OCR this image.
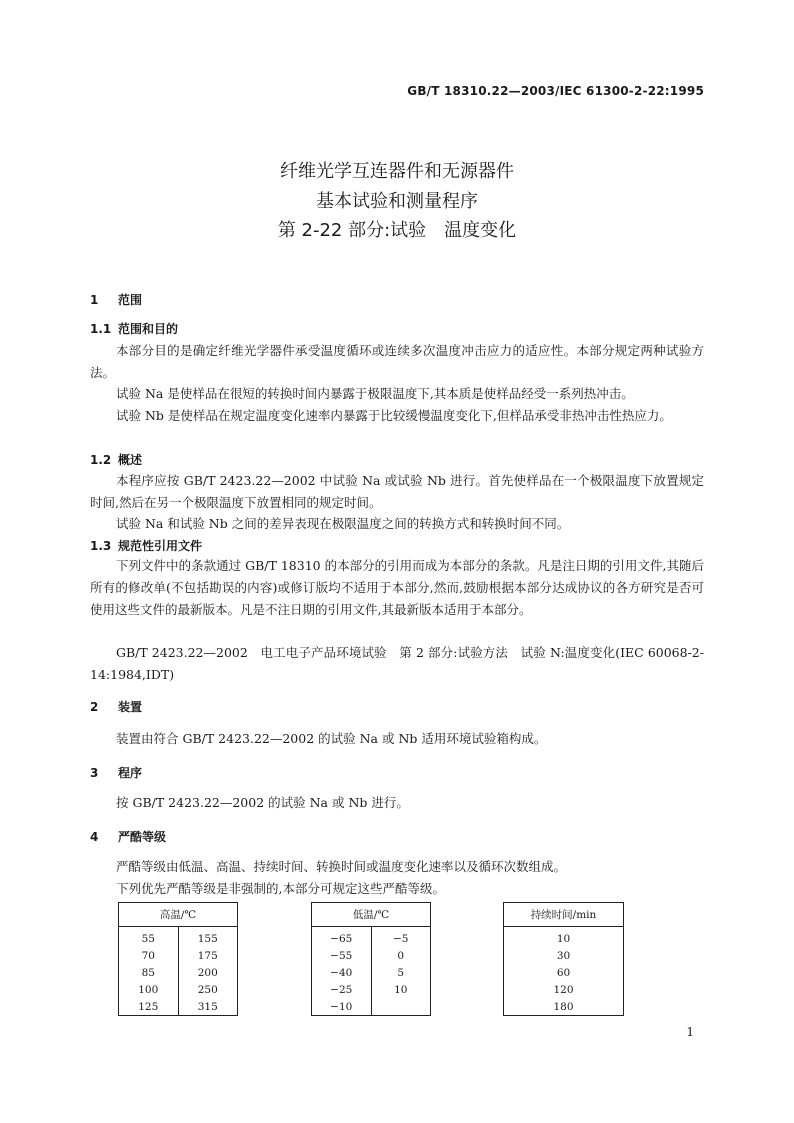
GB/T 18310.22—2003/IEC 61300-2-22:1995
纤维光学互连器件和无源器件
基本试验和测量程序
第 2-22 部分:试验　温度变化
1 范围
1.1 范围和目的
本部分目的是确定纤维光学器件承受温度循环或连续多次温度冲击应力的适应性。本部分规定两种试验方法。
试验 Na 是使样品在很短的转换时间内暴露于极限温度下,其本质是使样品经受一系列热冲击。
试验 Nb 是使样品在规定温度变化速率内暴露于比较缓慢温度变化下,但样品承受非热冲击性热应力。
1.2 概述
本程序应按 GB/T 2423.22—2002 中试验 Na 或试验 Nb 进行。首先使样品在一个极限温度下放置规定时间,然后在另一个极限温度下放置相同的规定时间。
试验 Na 和试验 Nb 之间的差异表现在极限温度之间的转换方式和转换时间不同。
1.3 规范性引用文件
下列文件中的条款通过 GB/T 18310 的本部分的引用而成为本部分的条款。凡是注日期的引用文件,其随后所有的修改单(不包括勘误的内容)或修订版均不适用于本部分,然而,鼓励根据本部分达成协议的各方研究是否可使用这些文件的最新版本。凡是不注日期的引用文件,其最新版本适用于本部分。
GB/T 2423.22—2002　电工电子产品环境试验　第 2 部分:试验方法　试验 N:温度变化(IEC 60068-2-14:1984,IDT)
2 装置
装置由符合 GB/T 2423.22—2002 的试验 Na 或 Nb 适用环境试验箱构成。
3 程序
按 GB/T 2423.22—2002 的试验 Na 或 Nb 进行。
4 严酷等级
严酷等级由低温、高温、持续时间、转换时间或温度变化速率以及循环次数组成。
下列优先严酷等级是非强制的,本部分可规定这些严酷等级。
高温/℃	
55	155
70	175
85	200
100	250
125	315
低温/℃	
−65	−5
−55	0
−40	5
−25	10
−10	
持续时间/min
10
30
60
120
180
1
